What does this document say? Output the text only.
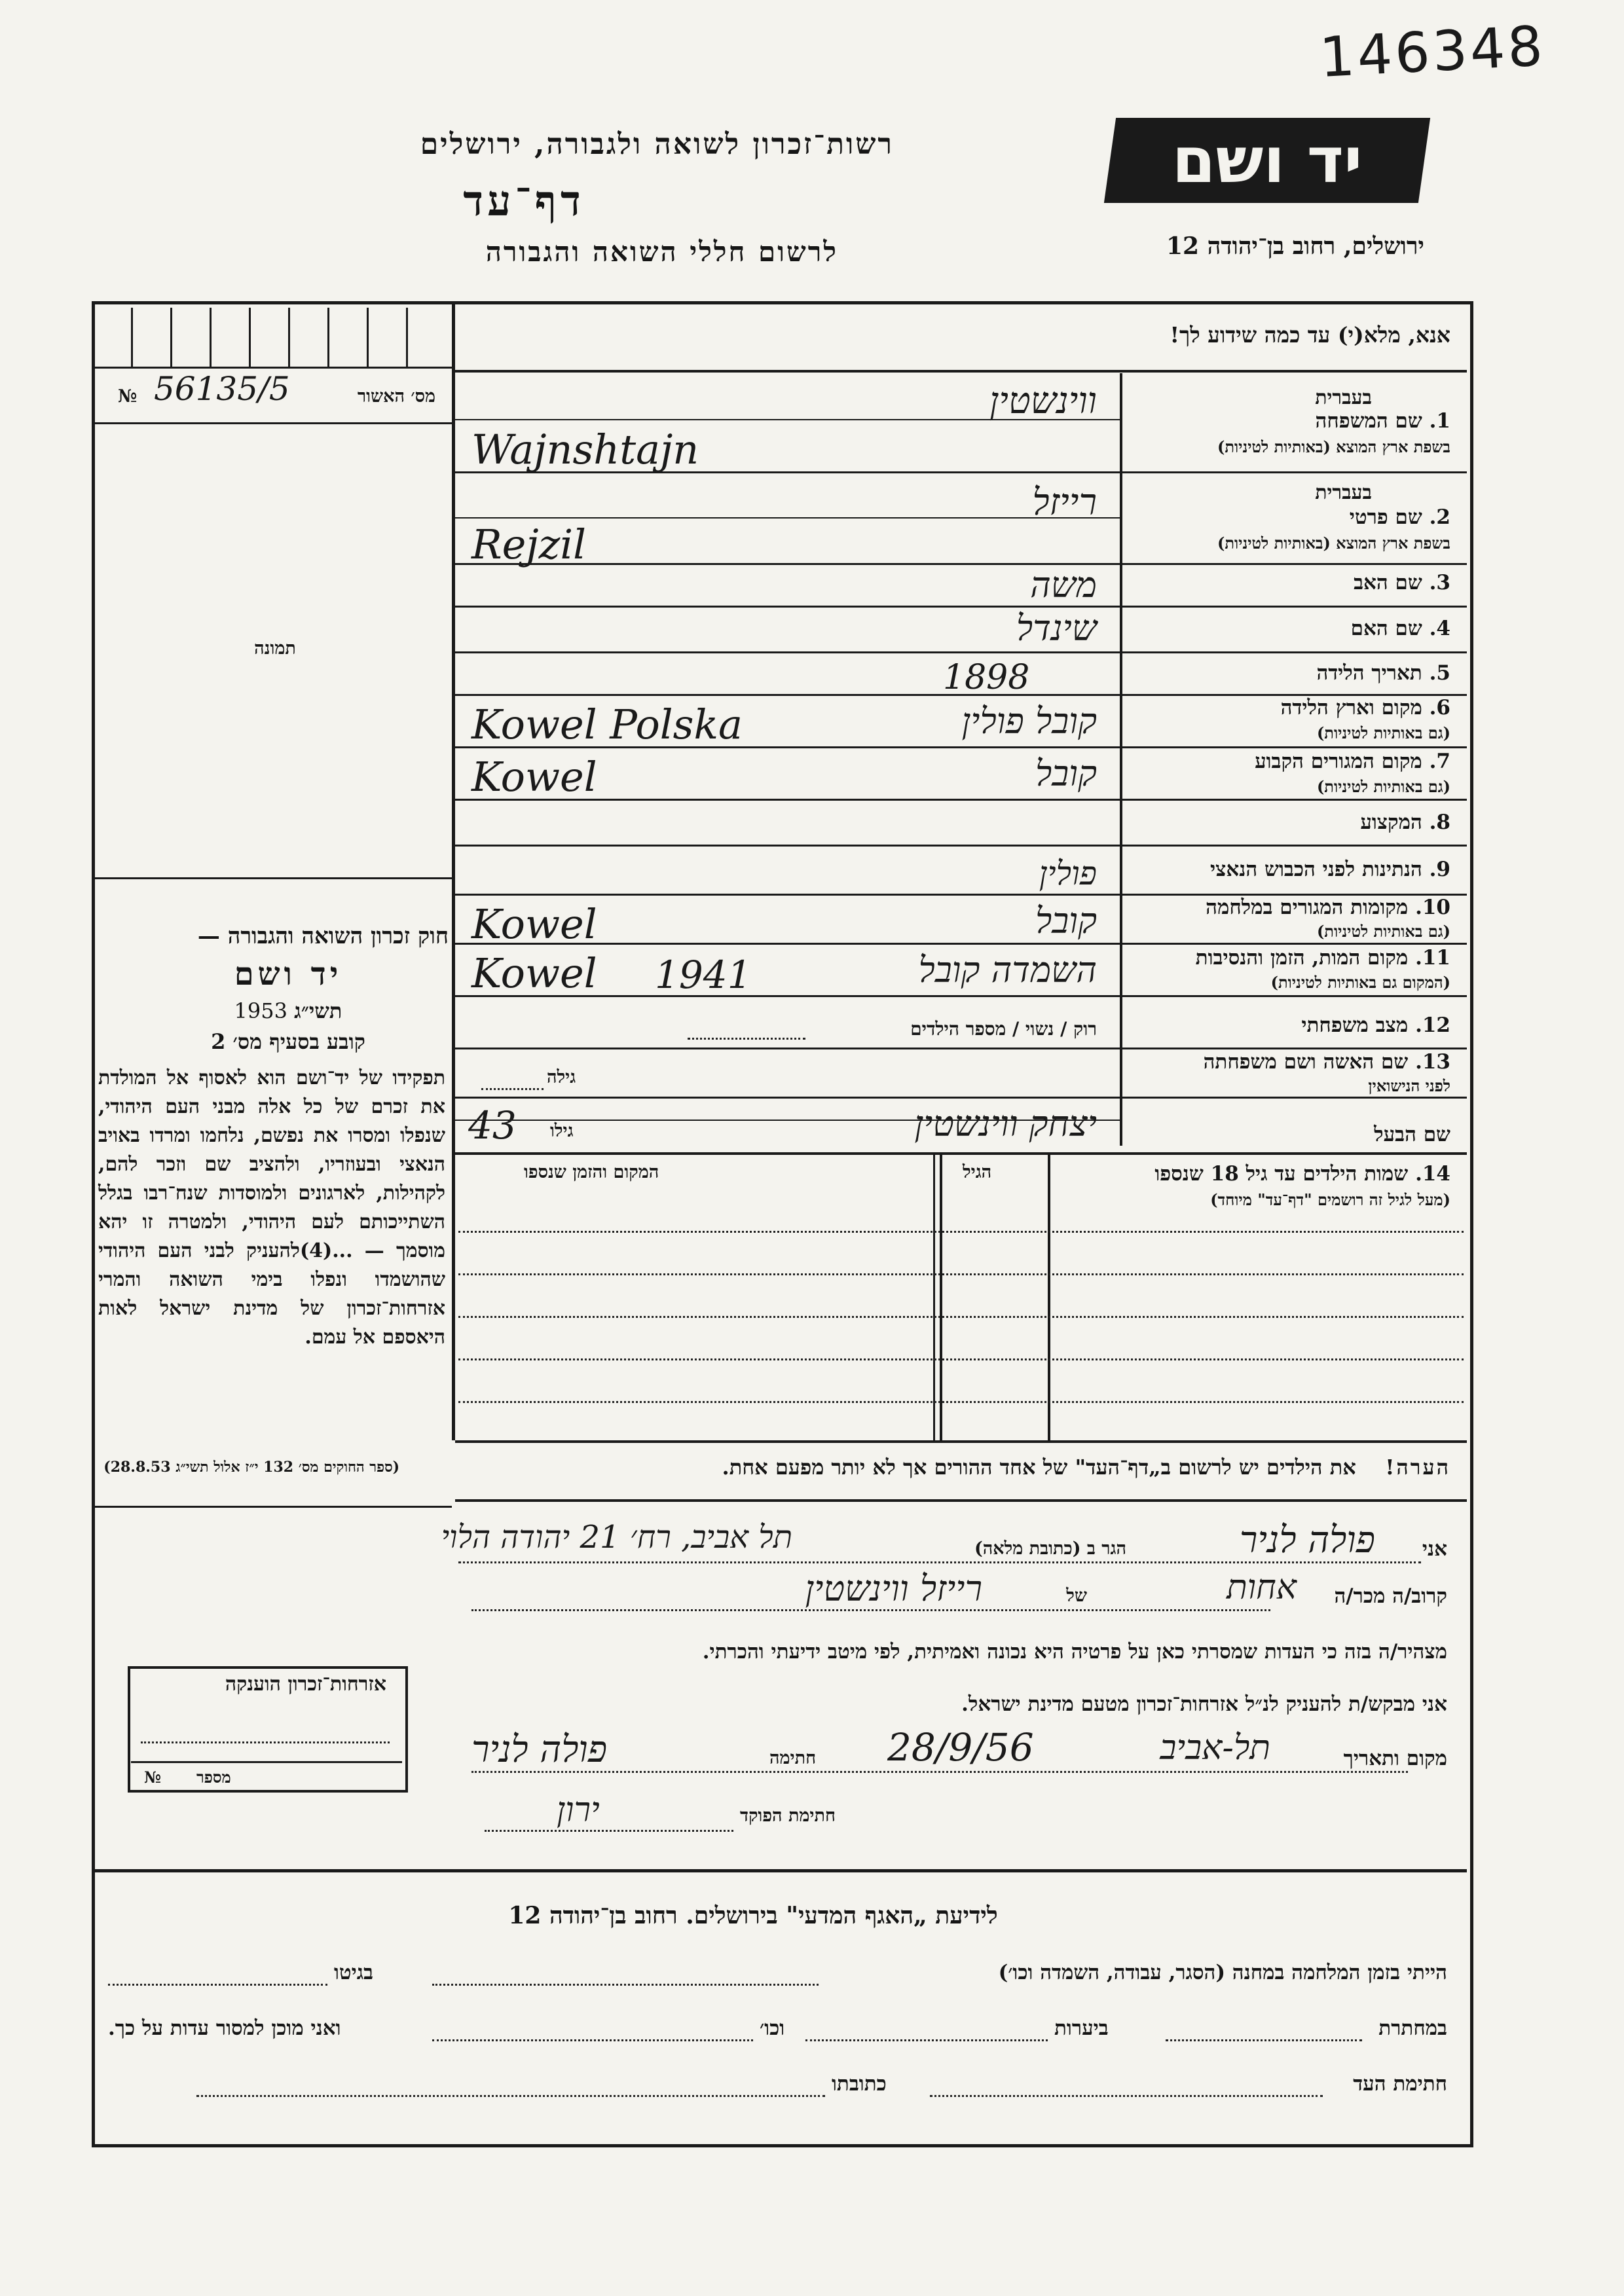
146348
יד ושם
ירושלים, רחוב בן־יהודה 12
רשות־זכרון לשואה ולגבורה, ירושלים
דף־עד
לרשום חללי השואה והגבורה
מס׳ האשור
56135/5
№
תמונה
חוק זכרון השואה והגבורה —
יד ושם
1953 תשי״ג
קובע בסעיף מס׳ 2
תפקידו של יד־ושם הוא לאסוף אל המולדת את זכרם של כל אלה מבני העם היהודי, שנפלו ומסרו את נפשם, נלחמו ומרדו באויב הנאצי ובעוזריו, ולהציב שם וזכר להם, לקהילות, לארגונים ולמוסדות שנח־רבו בגלל השתייכותם לעם היהודי, ולמטרה זו יהא מוסמך — ...(4)להעניק לבני העם היהודי שהושמדו ונפלו בימי השואה והמרי אזרחות־זכרון של מדינת ישראל לאות היאספם אל עמם.
(ספר החוקים מס׳ 132 י״ז אלול תשי״ג 28.8.53)
אזרחות־זכרון הוענקה
מספר
№
אנא, מלא(י) עד כמה שידוע לך!
בעברית
1. שם המשפחה
בשפת ארץ המוצא (באותיות לטיניות)
ווינשטין
Wajnshtajn
בעברית
2. שם פרטי
בשפת ארץ המוצא (באותיות לטיניות)
רייזל
Rejzil
3. שם האב
משה
4. שם האם
שינדל
5. תאריך הלידה
1898
6. מקום וארץ הלידה
(גם באותיות לטיניות)
קובל פולין
Kowel Polska
7. מקום המגורים הקבוע
(גם באותיות לטיניות)
קובל
Kowel
8. המקצוע
9. הנתינות לפני הכבוש הנאצי
פולין
10. מקומות המגורים במלחמה
(גם באותיות לטיניות)
קובל
Kowel
11. מקום המות, הזמן והנסיבות
(המקום גם באותיות לטיניות)
השמדה קובל
1941
Kowel
12. מצב משפחתי
רוק / נשוי / מספר הילדים
13. שם האשה ושם משפחתה
לפני הנישואין
גילה
שם הבעל
יצחק ווינשטין
גילו
43
14. שמות הילדים עד גיל 18 שנספו
(מעל לגיל זה רושמים "דף־עד" מיוחד)
הגיל
המקום והזמן שנספו
הערה!    את הילדים יש לרשום ב„דף־העד" של אחד ההורים אך לא יותר מפעם אחת.
אני
פולה לניר
הגר ב (כתובת מלאה)
תל אביב, רח׳ 21 יהודה הלוי
קרוב/ה מכר/ה
אחות
של
רייזל ווינשטין
מצהיר/ה בזה כי העדות שמסרתי כאן על פרטיה היא נכונה ואמיתית, לפי מיטב ידיעתי והכרתי.
אני מבקש/ת להעניק לנ״ל אזרחות־זכרון מטעם מדינת ישראל.
מקום ותאריך
תל-אביב
28/9/56
חתימה
פולה לניר
חתימת הפוקד
ירון
לידיעת „האגף המדעי" בירושלים. רחוב בן־יהודה 12
הייתי בזמן המלחמה במחנה (הסגר, עבודה, השמדה וכו׳)
בגיטו
במחתרת
ביערות
וכו׳
ואני מוכן למסור עדות על כך.
חתימת העד
כתובתו
